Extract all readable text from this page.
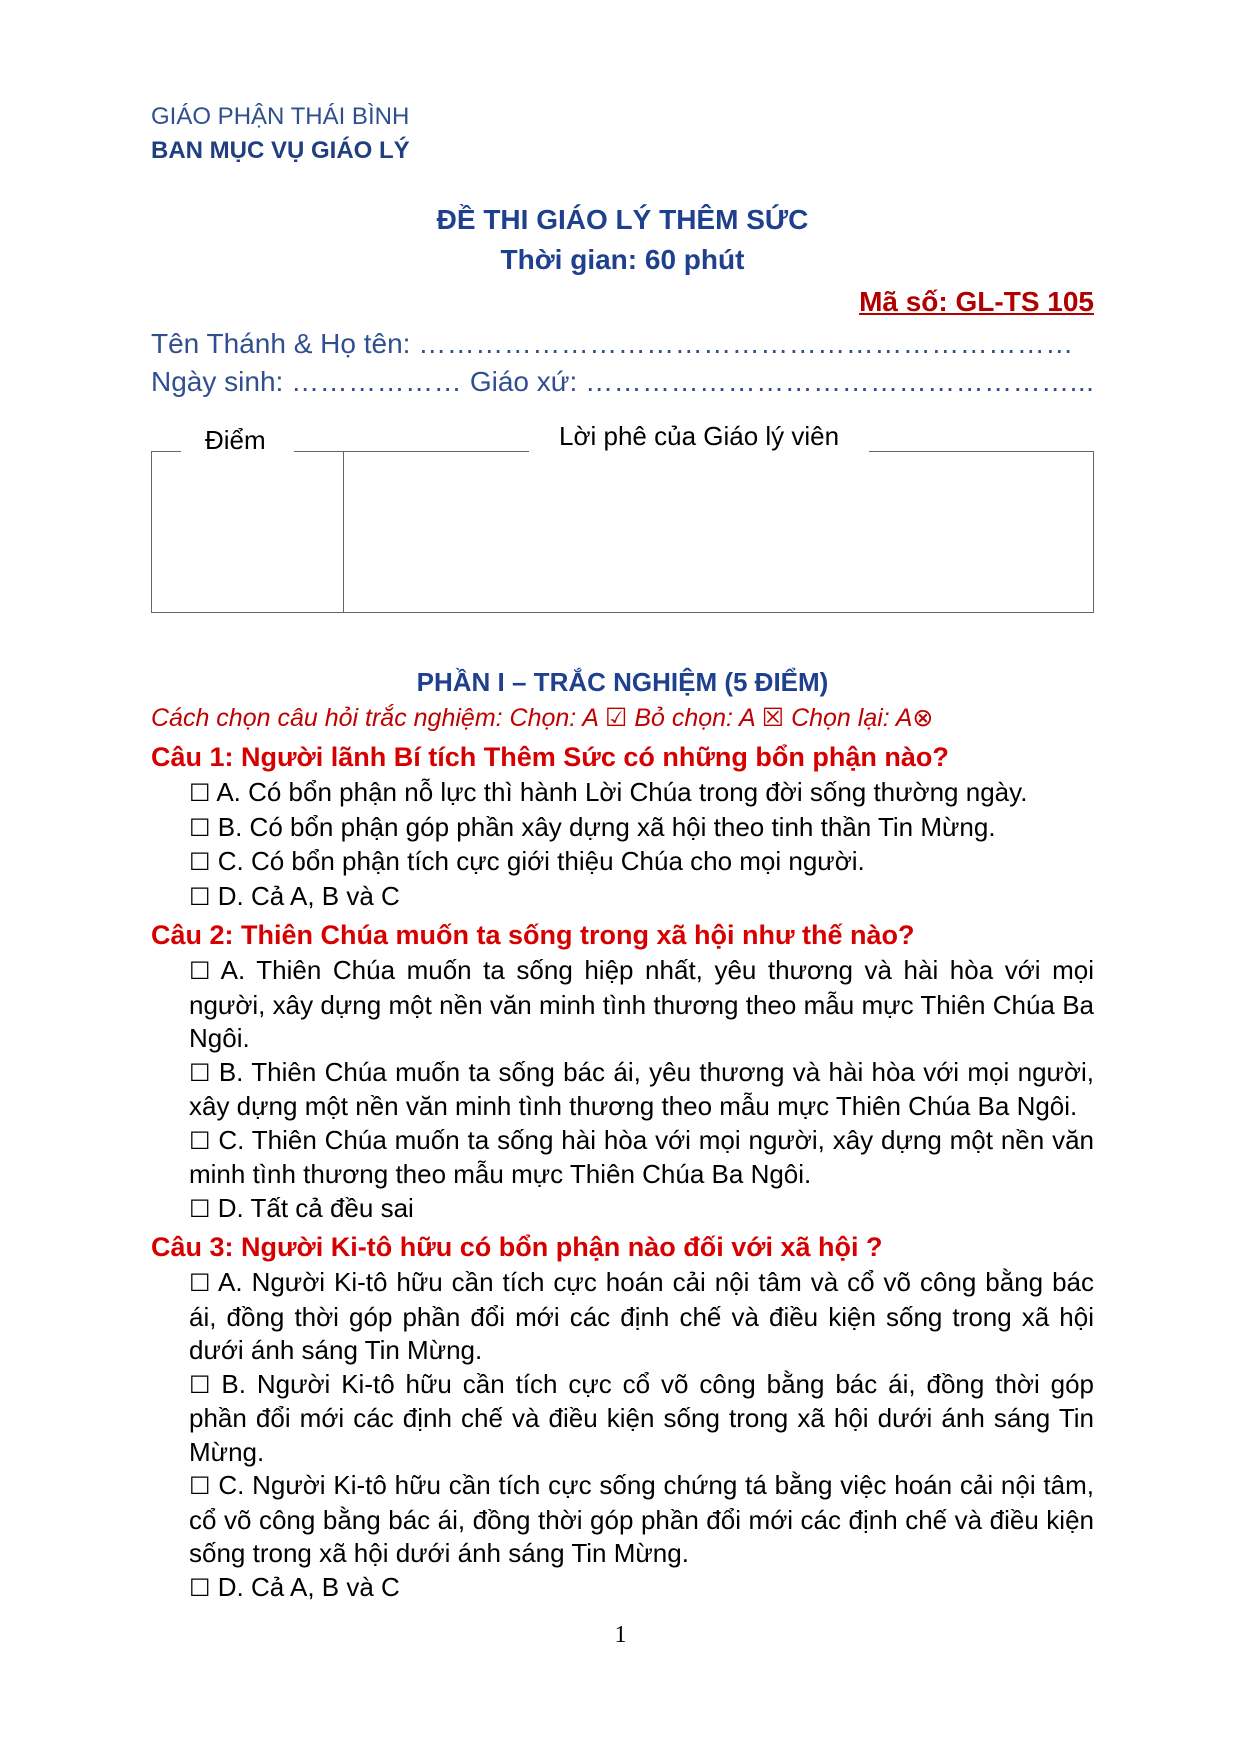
GIÁO PHẬN THÁI BÌNH
BAN MỤC VỤ GIÁO LÝ
ĐỀ THI GIÁO LÝ THÊM SỨC
Thời gian: 60 phút
Mã số: GL-TS 105
Tên Thánh & Họ tên: ……………………………………………………………
Ngày sinh: ……………… Giáo xứ: ……………………………………………...
Điểm	Lời phê của Giáo lý viên
PHẦN I – TRẮC NGHIỆM (5 ĐIỂM)
Cách chọn câu hỏi trắc nghiệm: Chọn: A ☑ Bỏ chọn: A ☒ Chọn lại: A⊗
Câu 1: Người lãnh Bí tích Thêm Sức có những bổn phận nào?
☐ A. Có bổn phận nỗ lực thì hành Lời Chúa trong đời sống thường ngày.
☐ B. Có bổn phận góp phần xây dựng xã hội theo tinh thần Tin Mừng.
☐ C. Có bổn phận tích cực giới thiệu Chúa cho mọi người.
☐ D. Cả A, B và C
Câu 2: Thiên Chúa muốn ta sống trong xã hội như thế nào?
☐ A. Thiên Chúa muốn ta sống hiệp nhất, yêu thương và hài hòa với mọi người, xây dựng một nền văn minh tình thương theo mẫu mực Thiên Chúa Ba Ngôi.
☐ B. Thiên Chúa muốn ta sống bác ái, yêu thương và hài hòa với mọi người, xây dựng một nền văn minh tình thương theo mẫu mực Thiên Chúa Ba Ngôi.
☐ C. Thiên Chúa muốn ta sống hài hòa với mọi người, xây dựng một nền văn minh tình thương theo mẫu mực Thiên Chúa Ba Ngôi.
☐ D. Tất cả đều sai
Câu 3: Người Ki-tô hữu có bổn phận nào đối với xã hội ?
☐ A. Người Ki-tô hữu cần tích cực hoán cải nội tâm và cổ võ công bằng bác ái, đồng thời góp phần đổi mới các định chế và điều kiện sống trong xã hội dưới ánh sáng Tin Mừng.
☐ B. Người Ki-tô hữu cần tích cực cổ võ công bằng bác ái, đồng thời góp phần đổi mới các định chế và điều kiện sống trong xã hội dưới ánh sáng Tin Mừng.
☐ C. Người Ki-tô hữu cần tích cực sống chứng tá bằng việc hoán cải nội tâm, cổ võ công bằng bác ái, đồng thời góp phần đổi mới các định chế và điều kiện sống trong xã hội dưới ánh sáng Tin Mừng.
☐ D. Cả A, B và C
1
